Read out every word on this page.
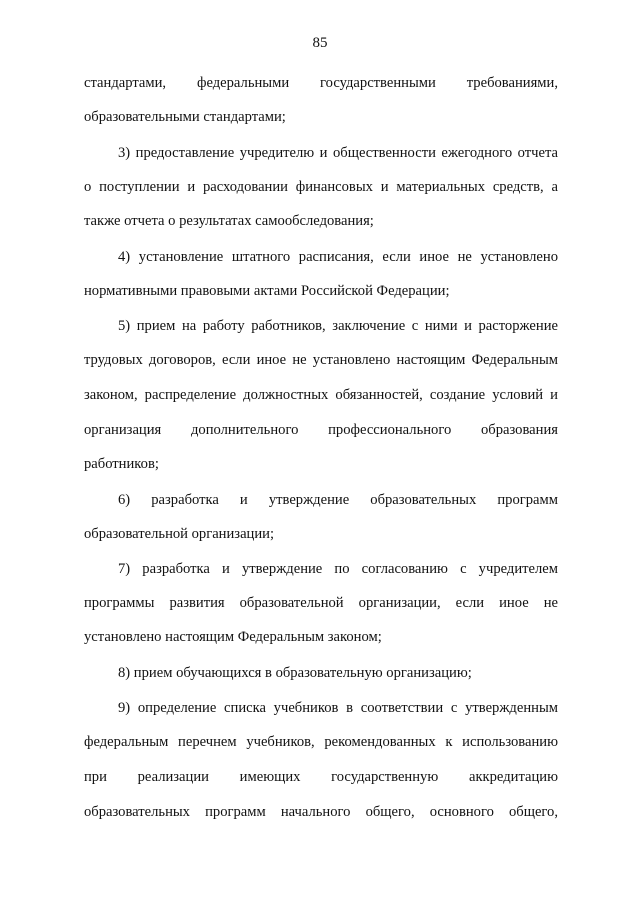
85
стандартами, федеральными государственными требованиями,
образовательными стандартами;
3) предоставление учредителю и общественности ежегодного отчета
о поступлении и расходовании финансовых и материальных средств, а
также отчета о результатах самообследования;
4) установление штатного расписания, если иное не установлено
нормативными правовыми актами Российской Федерации;
5) прием на работу работников, заключение с ними и расторжение
трудовых договоров, если иное не установлено настоящим Федеральным
законом, распределение должностных обязанностей, создание условий и
организация дополнительного профессионального образования
работников;
6) разработка и утверждение образовательных программ
образовательной организации;
7) разработка и утверждение по согласованию с учредителем
программы развития образовательной организации, если иное не
установлено настоящим Федеральным законом;
8) прием обучающихся в образовательную организацию;
9) определение списка учебников в соответствии с утвержденным
федеральным перечнем учебников, рекомендованных к использованию
при реализации имеющих государственную аккредитацию
образовательных программ начального общего, основного общего,
